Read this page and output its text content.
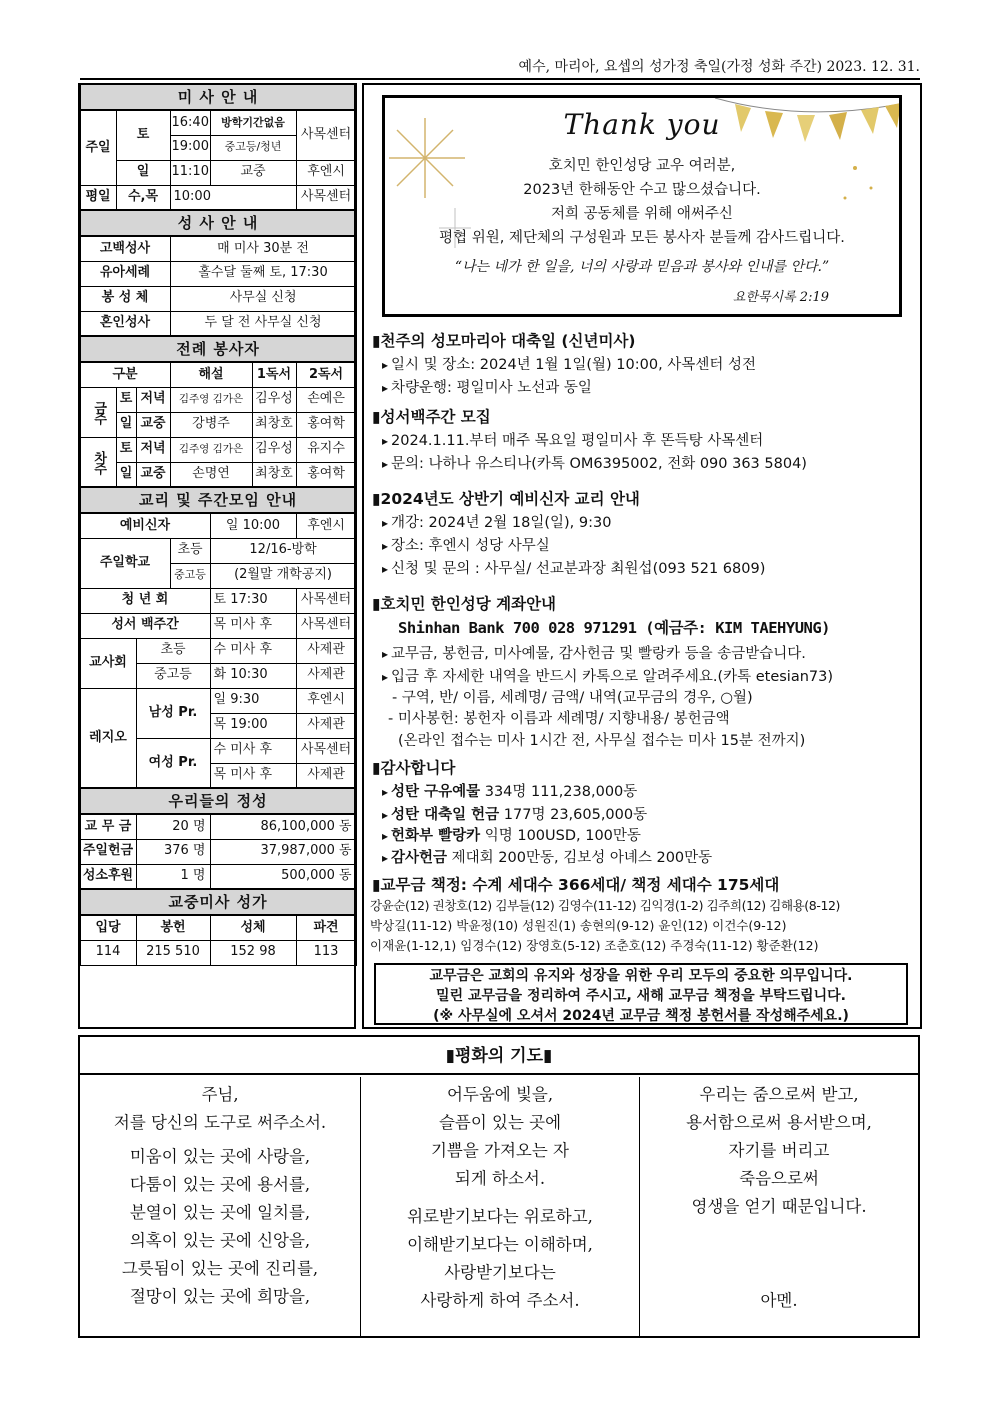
예수, 마리아, 요셉의 성가정 축일(가정 성화 주간) 2023. 12. 31.
미 사 안 내						
주일	토		16:40	방학기간없음		사목센터
			19:00	중고등/청년		
	일		11:10	교중		후엔시
평일	수,목		10:00			사목센터
성 사 안 내						
고백성사			매 미사 30분 전			
유아세례			홀수달 둘째 토, 17:30			
봉 성 체			사무실 신청			
혼인성사			두 달 전 사무실 신청			
전례 봉사자						
구분			해설		1독서	2독서
금주	토	저녁	김주영 김가은		김우성	손예은
	일	교중	강병주		최창호	홍여학
차주	토	저녁	김주영 김가은		김우성	유지수
	일	교중	손명연		최창호	홍여학
교리 및 주간모임 안내						
예비신자				일 10:00		후엔시
주일학교			초등	12/16-방학		
			중고등	(2월말 개학공지)		
청 년 회				토 17:30		사목센터
성서 백주간				목 미사 후		사목센터
교사회		초등		수 미사 후		사제관
		중고등		화 10:30		사제관
레지오		남성 Pr.		일 9:30		후엔시
				목 19:00		사제관
		여성 Pr.		수 미사 후		사목센터
				목 미사 후		사제관
우리들의 정성						
교 무 금		20 명		86,100,000 동		
주일헌금		376 명		37,987,000 동		
성소후원		1 명		500,000 동		
교중미사 성가						
입당		봉헌		성체		파견
114		215 510		152 98		113
Thank you
호치민 한인성당 교우 여러분,
2023년 한해동안 수고 많으셨습니다.
저희 공동체를 위해 애써주신
평협 위원, 제단체의 구성원과 모든 봉사자 분들께 감사드립니다.
“나는 네가 한 일을, 너의 사랑과 믿음과 봉사와 인내를 안다.”
요한묵시록 2:19
▮천주의 성모마리아 대축일 (신년미사)
▸ 일시 및 장소: 2024년 1월 1일(월) 10:00, 사목센터 성전
▸ 차량운행: 평일미사 노선과 동일
▮성서백주간 모집
▸ 2024.1.11.부터 매주 목요일 평일미사 후 똔득탕 사목센터
▸ 문의: 나하나 유스티나(카톡 OM6395002, 전화 090 363 5804)
▮2024년도 상반기 예비신자 교리 안내
▸ 개강: 2024년 2월 18일(일), 9:30
▸ 장소: 후엔시 성당 사무실
▸ 신청 및 문의 : 사무실/ 선교분과장 최원섭(093 521 6809)
▮호치민 한인성당 계좌안내
Shinhan Bank 700 028 971291 (예금주: KIM TAEHYUNG)
▸ 교무금, 봉헌금, 미사예물, 감사헌금 및 빨랑카 등을 송금받습니다.
▸ 입금 후 자세한 내역을 반드시 카톡으로 알려주세요.(카톡 etesian73)
- 구역, 반/ 이름, 세례명/ 금액/ 내역(교무금의 경우, ○월)
- 미사봉헌: 봉헌자 이름과 세례명/ 지향내용/ 봉헌금액
(온라인 접수는 미사 1시간 전, 사무실 접수는 미사 15분 전까지)
▮감사합니다
▸ 성탄 구유예물 334명 111,238,000동
▸ 성탄 대축일 헌금 177명 23,605,000동
▸ 헌화부 빨랑카 익명 100USD, 100만동
▸ 감사헌금 제대회 200만동, 김보성 아녜스 200만동
▮교무금 책정: 수계 세대수 366세대/ 책정 세대수 175세대
강윤순(12) 권창호(12) 김부들(12) 김영수(11-12) 김익경(1-2) 김주희(12) 김해용(8-12)
박상길(11-12) 박윤정(10) 성원진(1) 송현의(9-12) 윤인(12) 이건수(9-12)
이재윤(1-12,1) 임경수(12) 장영호(5-12) 조춘호(12) 주경숙(11-12) 황준환(12)
교무금은 교회의 유지와 성장을 위한 우리 모두의 중요한 의무입니다.
밀린 교무금을 정리하여 주시고, 새해 교무금 책정을 부탁드립니다.
(※ 사무실에 오셔서 2024년 교무금 책정 봉헌서를 작성해주세요.)
▮평화의 기도▮
주님,
저를 당신의 도구로 써주소서.
미움이 있는 곳에 사랑을,
다툼이 있는 곳에 용서를,
분열이 있는 곳에 일치를,
의혹이 있는 곳에 신앙을,
그릇됨이 있는 곳에 진리를,
절망이 있는 곳에 희망을,
어두움에 빛을,
슬픔이 있는 곳에
기쁨을 가져오는 자
되게 하소서.
위로받기보다는 위로하고,
이해받기보다는 이해하며,
사랑받기보다는
사랑하게 하여 주소서.
우리는 줌으로써 받고,
용서함으로써 용서받으며,
자기를 버리고
죽음으로써
영생을 얻기 때문입니다.
아멘.
